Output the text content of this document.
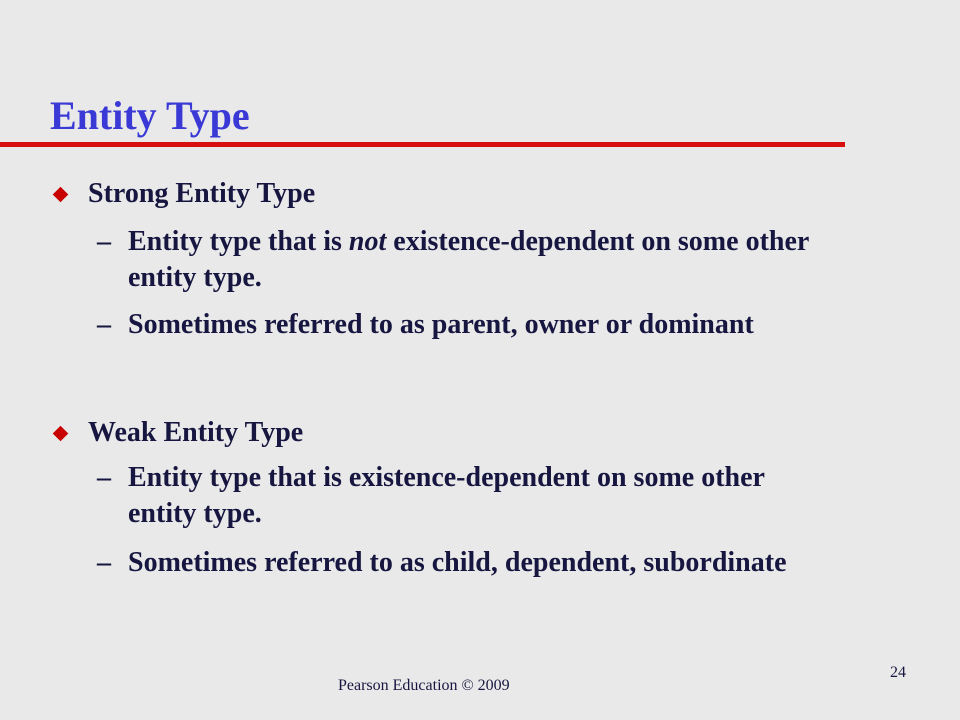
Entity Type
Strong Entity Type
– Entity type that is not existence-dependent on some other entity type.
– Sometimes referred to as parent, owner or dominant
Weak Entity Type
– Entity type that is existence-dependent on some other entity type.
– Sometimes referred to as child, dependent, subordinate
Pearson Education © 2009
24
